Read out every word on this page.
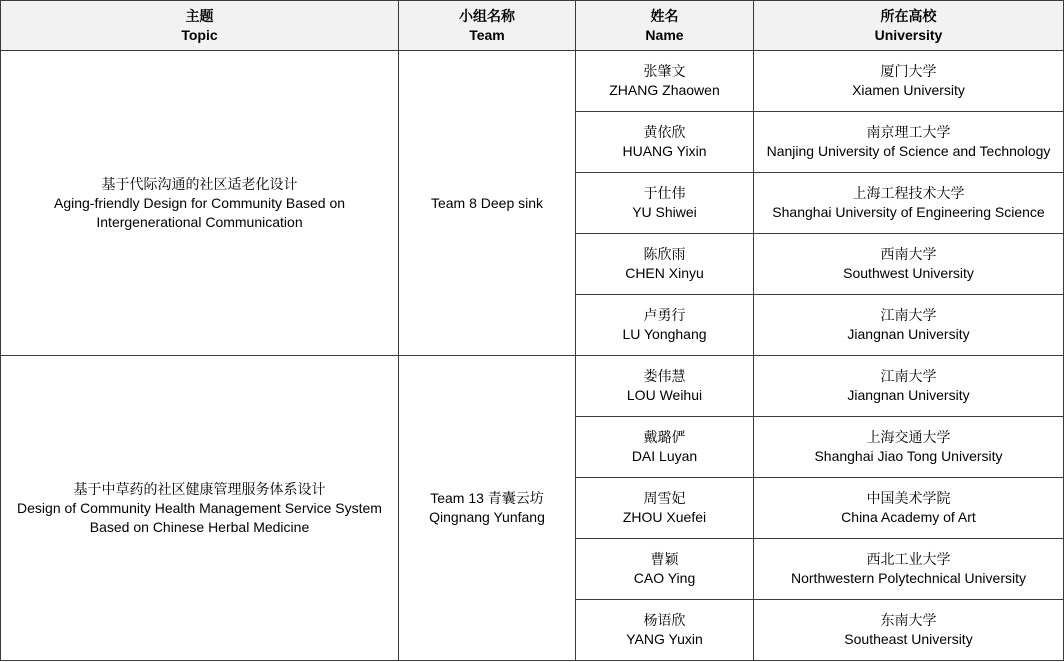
主题
Topic	小组名称
Team	姓名
Name	所在高校
University

基于代际沟通的社区适老化设计
Aging-friendly Design for Community Based on
Intergenerational Communication	Team 8 Deep sink	张肇文
ZHANG Zhaowen	厦门大学
Xiamen University

		黄依欣
HUANG Yixin	南京理工大学
Nanjing University of Science and Technology

		于仕伟
YU Shiwei	上海工程技术大学
Shanghai University of Engineering Science

		陈欣雨
CHEN Xinyu	西南大学
Southwest University

		卢勇行
LU Yonghang	江南大学
Jiangnan University

基于中草药的社区健康管理服务体系设计
Design of Community Health Management Service System
Based on Chinese Herbal Medicine	Team 13 青囊云坊
Qingnang Yunfang	娄伟慧
LOU Weihui	江南大学
Jiangnan University

		戴璐俨
DAI Luyan	上海交通大学
Shanghai Jiao Tong University

		周雪妃
ZHOU Xuefei	中国美术学院
China Academy of Art

		曹颖
CAO Ying	西北工业大学
Northwestern Polytechnical University

		杨语欣
YANG Yuxin	东南大学
Southeast University
